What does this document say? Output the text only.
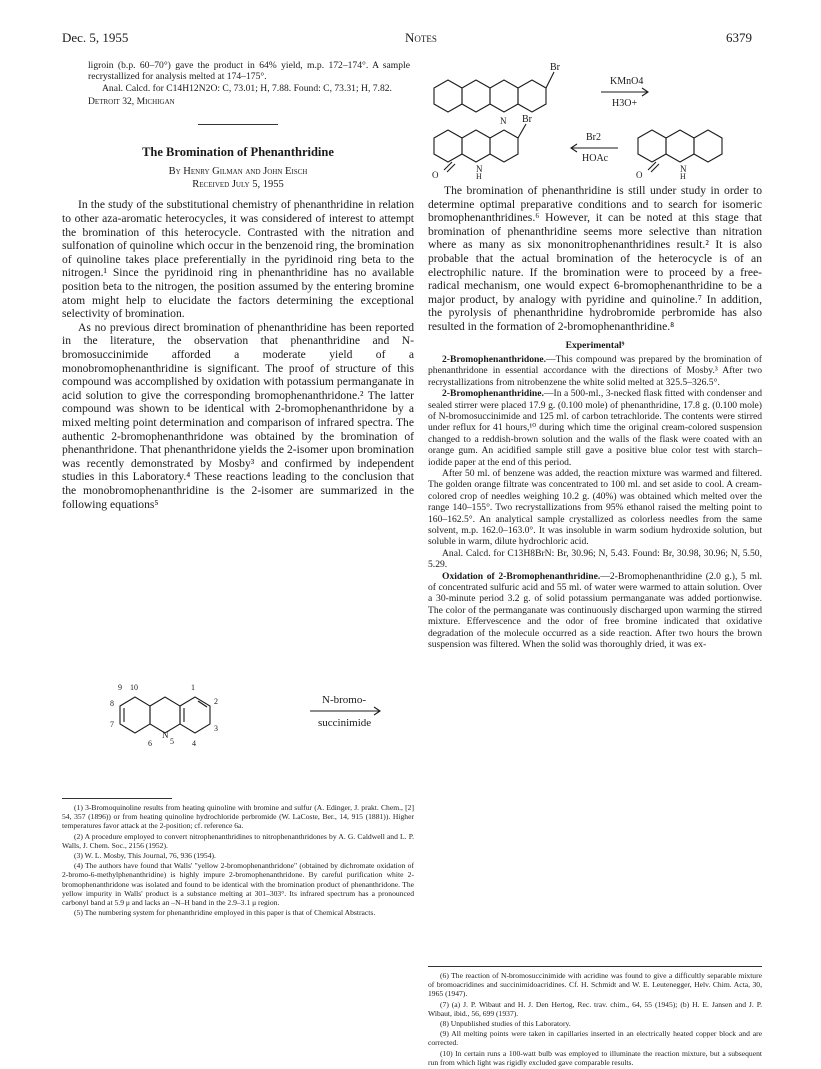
Dec. 5, 1955	Notes	6379

ligroin (b.p. 60–70°) gave the product in 64% yield, m.p. 172–174°. A sample recrystallized for analysis melted at 174–175°.

Anal. Calcd. for C14H12N2O: C, 73.01; H, 7.88. Found: C, 73.31; H, 7.82.

Detroit 32, Michigan

The Bromination of Phenanthridine
By Henry Gilman and John Eisch
Received July 5, 1955

In the study of the substitutional chemistry of phenanthridine in relation to other aza-aromatic heterocycles, it was considered of interest to attempt the bromination of this heterocycle. Contrasted with the nitration and sulfonation of quinoline which occur in the benzenoid ring, the bromination of quinoline takes place preferentially in the pyridinoid ring beta to the nitrogen.¹ Since the pyridinoid ring in phenanthridine has no available position beta to the nitrogen, the position assumed by the entering bromine atom might help to elucidate the factors determining the exceptional selectivity of bromination.

As no previous direct bromination of phenanthridine has been reported in the literature, the observation that phenanthridine and N-bromosuccinimide afforded a moderate yield of a monobromophenanthridine is significant. The proof of structure of this compound was accomplished by oxidation with potassium permanganate in acid solution to give the corresponding bromophenanthridone.² The latter compound was shown to be identical with 2-bromophenanthridone by a mixed melting point determination and comparison of infrared spectra. The authentic 2-bromophenanthridone was obtained by the bromination of phenanthridone. That phenanthridone yields the 2-isomer upon bromination was recently demonstrated by Mosby³ and confirmed by independent studies in this Laboratory.⁴ These reactions leading to the conclusion that the monobromophenanthridine is the 2-isomer are summarized in the following equations⁵

9 10	1
2
3
4
5
6
7
8
N
N-bromo-
succinimide

(1) 3-Bromoquinoline results from heating quinoline with bromine and sulfur (A. Edinger, J. prakt. Chem., [2] 54, 357 (1896)) or from heating quinoline hydrochloride perbromide (W. LaCoste, Ber., 14, 915 (1881)). Higher temperatures favor attack at the 2-position; cf. reference 6a.

(2) A procedure employed to convert nitrophenanthridines to nitrophenanthridones by A. G. Caldwell and L. P. Walls, J. Chem. Soc., 2156 (1952).

(3) W. L. Mosby, This Journal, 76, 936 (1954).

(4) The authors have found that Walls' "yellow 2-bromophenanthridone" (obtained by dichromate oxidation of 2-bromo-6-methylphenanthridine) is highly impure 2-bromophenanthridone. By careful purification white 2-bromophenanthridone was isolated and found to be identical with the bromination product of phenanthridone. The yellow impurity in Walls' product is a substance melting at 301–303°. Its infrared spectrum has a pronounced carbonyl band at 5.9 μ and lacks an –N–H band in the 2.9–3.1 μ region.

(5) The numbering system for phenanthridine employed in this paper is that of Chemical Abstracts.

Br
N
KMnO4
H3O+
Br
N
H
O
Br2
HOAc
N
H
O

The bromination of phenanthridine is still under study in order to determine optimal preparative conditions and to search for isomeric bromophenanthridines.⁶ However, it can be noted at this stage that bromination of phenanthridine seems more selective than nitration where as many as six mononitrophenanthridines result.² It is also probable that the actual bromination of the heterocycle is of an electrophilic nature. If the bromination were to proceed by a free-radical mechanism, one would expect 6-bromophenanthridine to be a major product, by analogy with pyridine and quinoline.⁷ In addition, the pyrolysis of phenanthridine hydrobromide perbromide has also resulted in the formation of 2-bromophenanthridine.⁸

Experimental⁹

2-Bromophenanthridone.—This compound was prepared by the bromination of phenanthridone in essential accordance with the directions of Mosby.³ After two recrystallizations from nitrobenzene the white solid melted at 325.5–326.5°.

2-Bromophenanthridine.—In a 500-ml., 3-necked flask fitted with condenser and sealed stirrer were placed 17.9 g. (0.100 mole) of phenanthridine, 17.8 g. (0.100 mole) of N-bromosuccinimide and 125 ml. of carbon tetrachloride. The contents were stirred under reflux for 41 hours,¹⁰ during which time the original cream-colored suspension changed to a reddish-brown solution and the walls of the flask were coated with an orange gum. An acidified sample still gave a positive blue color test with starch–iodide paper at the end of this period.

After 50 ml. of benzene was added, the reaction mixture was warmed and filtered. The golden orange filtrate was concentrated to 100 ml. and set aside to cool. A cream-colored crop of needles weighing 10.2 g. (40%) was obtained which melted over the range 140–155°. Two recrystallizations from 95% ethanol raised the melting point to 160–162.5°. An analytical sample crystallized as colorless needles from the same solvent, m.p. 162.0–163.0°. It was insoluble in warm sodium hydroxide solution, but soluble in warm, dilute hydrochloric acid.

Anal. Calcd. for C13H8BrN: Br, 30.96; N, 5.43. Found: Br, 30.98, 30.96; N, 5.50, 5.29.

Oxidation of 2-Bromophenanthridine.—2-Bromophenanthridine (2.0 g.), 5 ml. of concentrated sulfuric acid and 55 ml. of water were warmed to attain solution. Over a 30-minute period 3.2 g. of solid potassium permanganate was added portionwise. The color of the permanganate was continuously discharged upon warming the stirred mixture. Effervescence and the odor of free bromine indicated that oxidative degradation of the molecule occurred as a side reaction. After two hours the brown suspension was filtered. When the solid was thoroughly dried, it was ex-

(6) The reaction of N-bromosuccinimide with acridine was found to give a difficultly separable mixture of bromoacridines and succinimidoacridines. Cf. H. Schmidt and W. E. Leutenegger, Helv. Chim. Acta, 30, 1965 (1947).

(7) (a) J. P. Wibaut and H. J. Den Hertog, Rec. trav. chim., 64, 55 (1945); (b) H. E. Jansen and J. P. Wibaut, ibid., 56, 699 (1937).

(8) Unpublished studies of this Laboratory.

(9) All melting points were taken in capillaries inserted in an electrically heated copper block and are corrected.

(10) In certain runs a 100-watt bulb was employed to illuminate the reaction mixture, but a subsequent run from which light was rigidly excluded gave comparable results.
